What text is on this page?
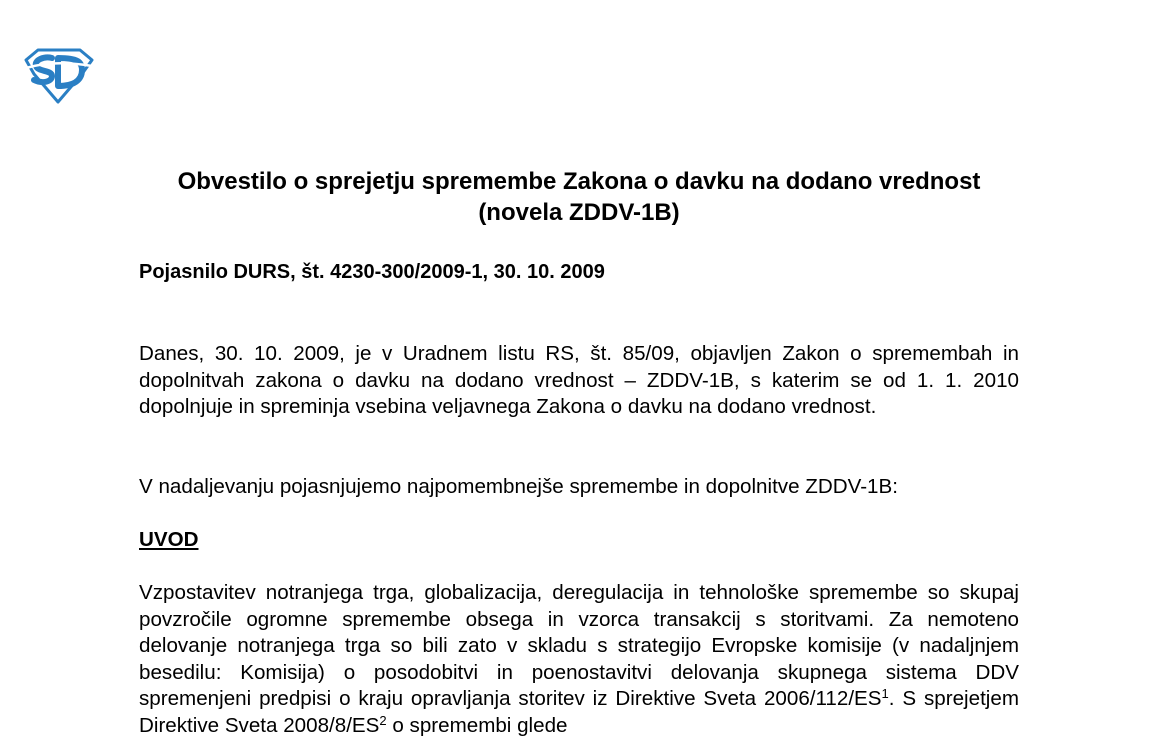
Obvestilo o sprejetju spremembe Zakona o davku na dodano vrednost (novela ZDDV-1B)

Pojasnilo DURS, št. 4230-300/2009-1, 30. 10. 2009

Danes, 30. 10. 2009, je v Uradnem listu RS, št. 85/09, objavljen Zakon o spremembah in dopolnitvah zakona o davku na dodano vrednost – ZDDV-1B, s katerim se od 1. 1. 2010 dopolnjuje in spreminja vsebina veljavnega Zakona o davku na dodano vrednost.

V nadaljevanju pojasnjujemo najpomembnejše spremembe in dopolnitve ZDDV-1B:

UVOD

Vzpostavitev notranjega trga, globalizacija, deregulacija in tehnološke spremembe so skupaj povzročile ogromne spremembe obsega in vzorca transakcij s storitvami. Za nemoteno delovanje notranjega trga so bili zato v skladu s strategijo Evropske komisije (v nadaljnjem besedilu: Komisija) o posodobitvi in poenostavitvi delovanja skupnega sistema DDV spremenjeni predpisi o kraju opravljanja storitev iz Direktive Sveta $2006/112/ES^1$. S sprejetjem Direktive Sveta $2008/8/ES^2$ o spremembi glede
